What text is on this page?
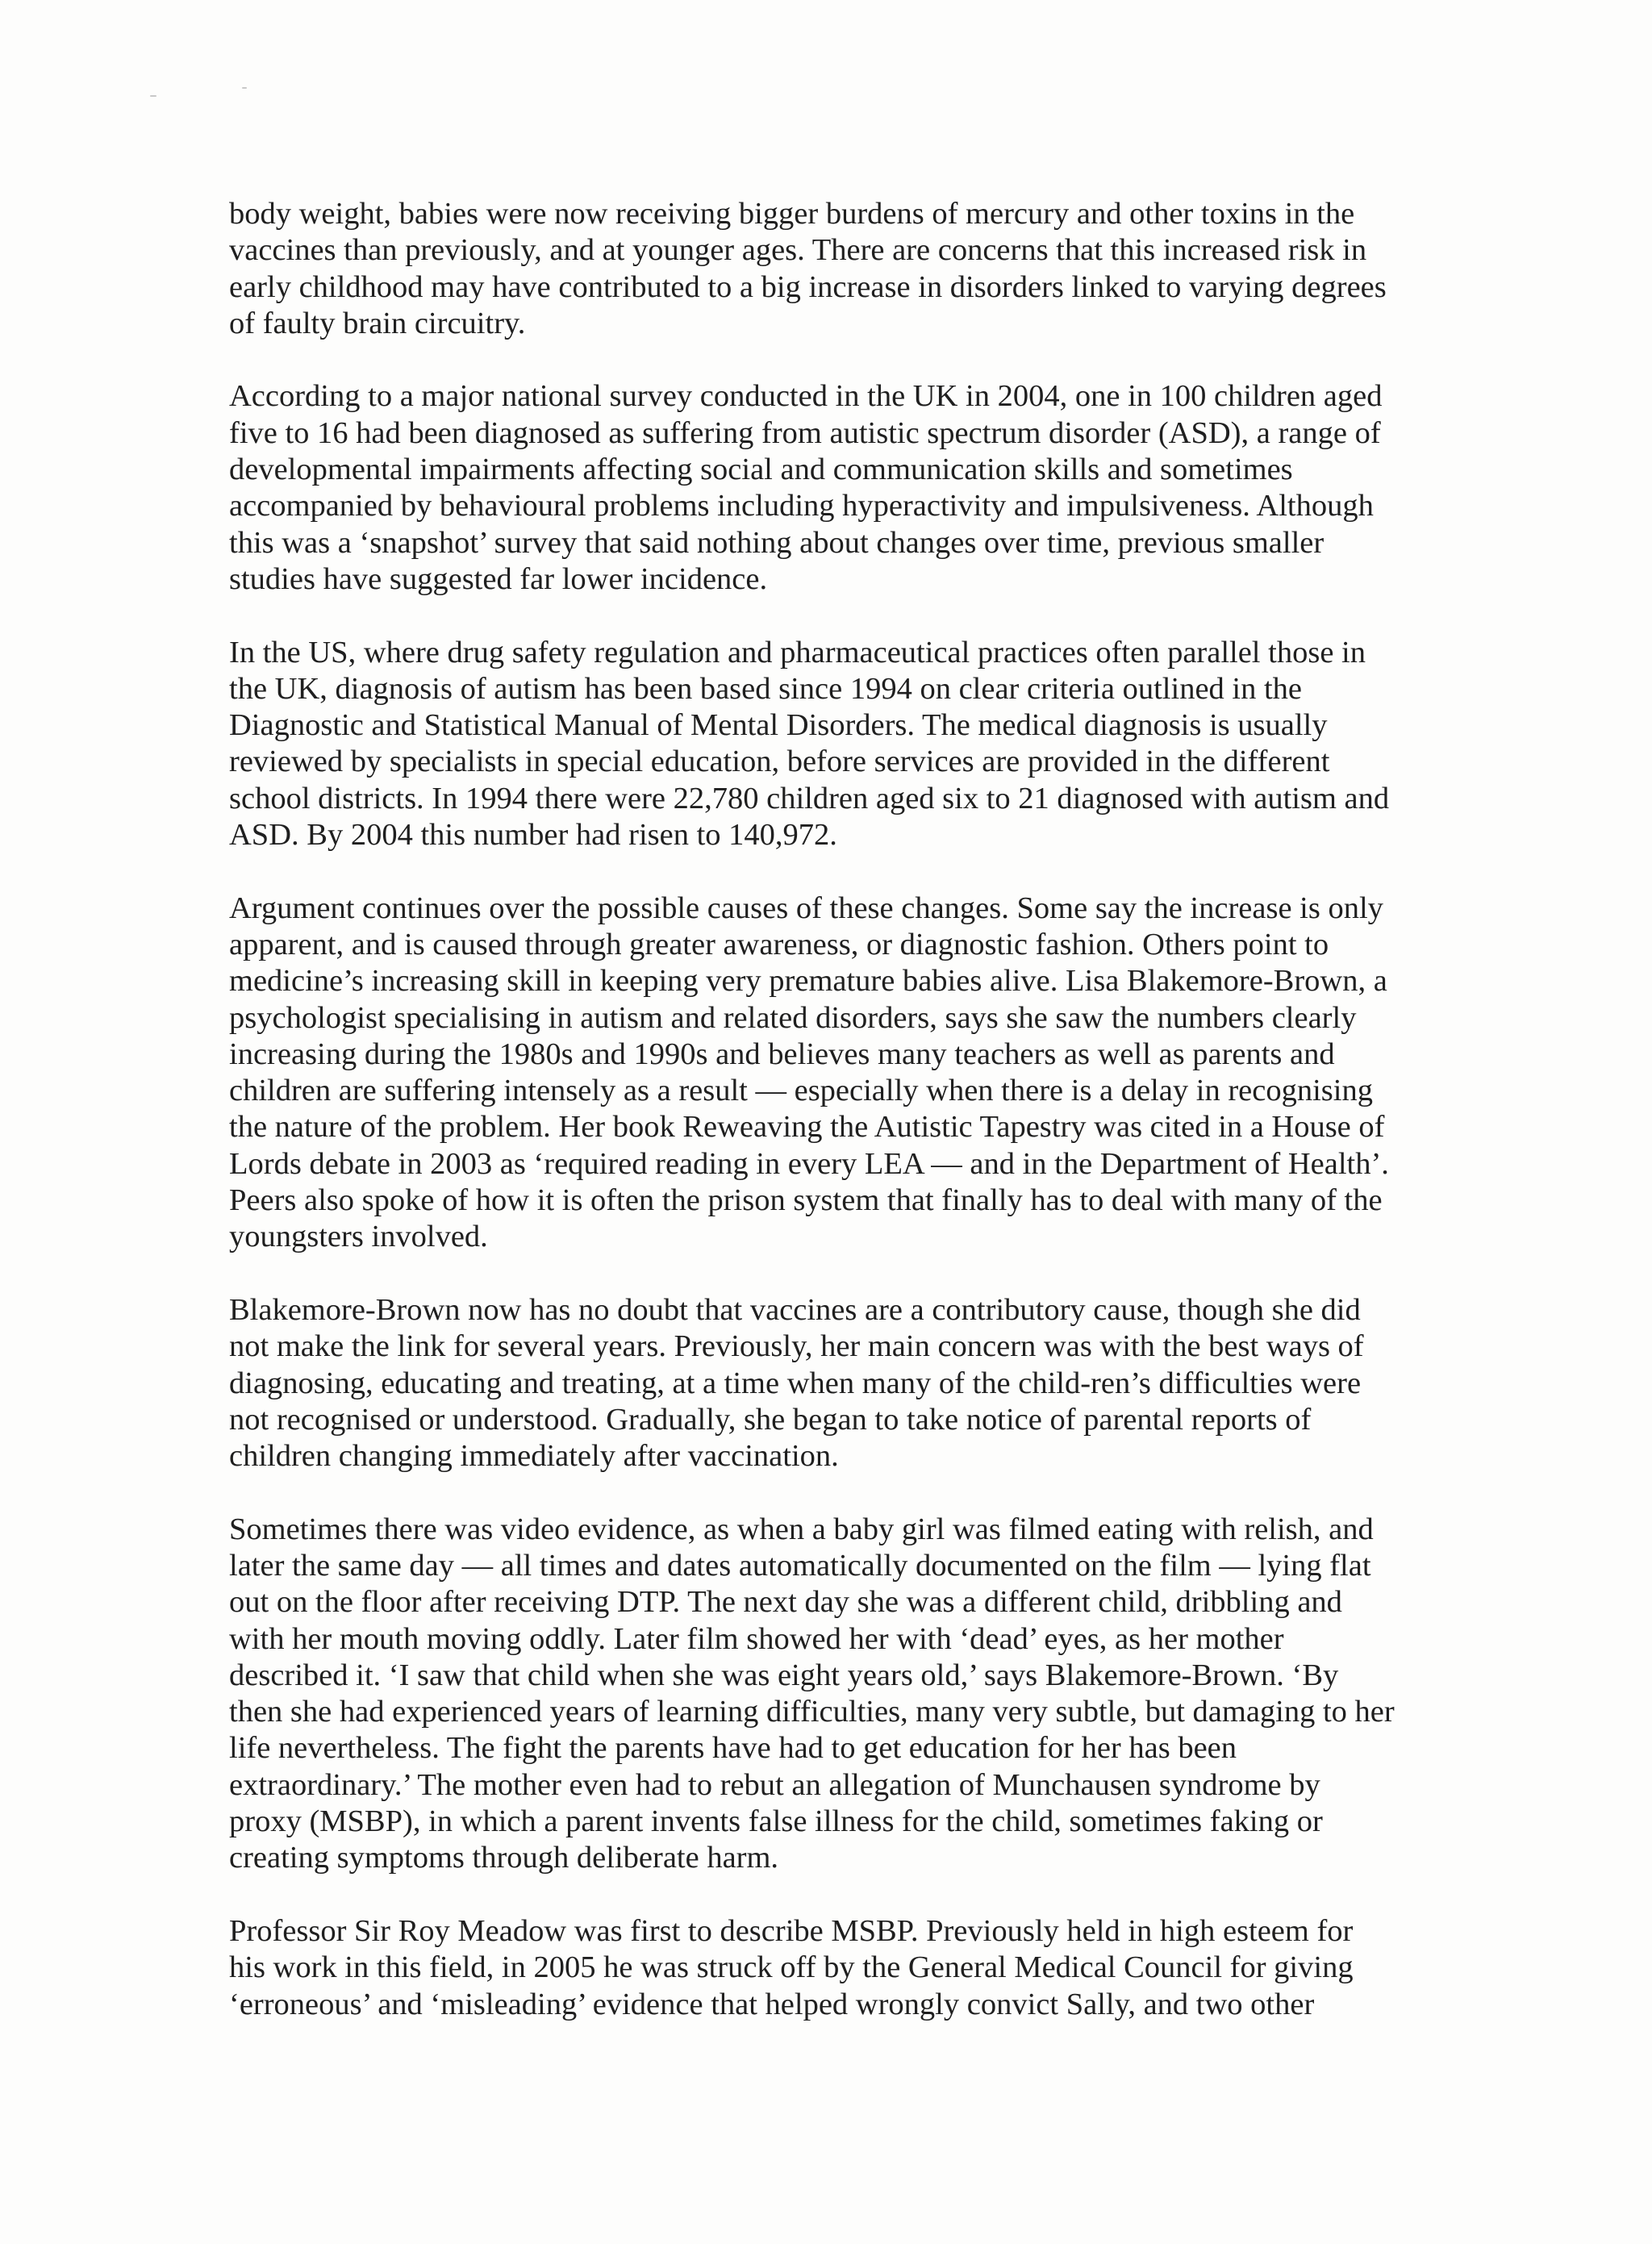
body weight, babies were now receiving bigger burdens of mercury and other toxins in the
vaccines than previously, and at younger ages. There are concerns that this increased risk in
early childhood may have contributed to a big increase in disorders linked to varying degrees
of faulty brain circuitry.

According to a major national survey conducted in the UK in 2004, one in 100 children aged
five to 16 had been diagnosed as suffering from autistic spectrum disorder (ASD), a range of
developmental impairments affecting social and communication skills and sometimes
accompanied by behavioural problems including hyperactivity and impulsiveness. Although
this was a ‘snapshot’ survey that said nothing about changes over time, previous smaller
studies have suggested far lower incidence.

In the US, where drug safety regulation and pharmaceutical practices often parallel those in
the UK, diagnosis of autism has been based since 1994 on clear criteria outlined in the
Diagnostic and Statistical Manual of Mental Disorders. The medical diagnosis is usually
reviewed by specialists in special education, before services are provided in the different
school districts. In 1994 there were 22,780 children aged six to 21 diagnosed with autism and
ASD. By 2004 this number had risen to 140,972.

Argument continues over the possible causes of these changes. Some say the increase is only
apparent, and is caused through greater awareness, or diagnostic fashion. Others point to
medicine’s increasing skill in keeping very premature babies alive. Lisa Blakemore-Brown, a
psychologist specialising in autism and related disorders, says she saw the numbers clearly
increasing during the 1980s and 1990s and believes many teachers as well as parents and
children are suffering intensely as a result — especially when there is a delay in recognising
the nature of the problem. Her book Reweaving the Autistic Tapestry was cited in a House of
Lords debate in 2003 as ‘required reading in every LEA — and in the Department of Health’.
Peers also spoke of how it is often the prison system that finally has to deal with many of the
youngsters involved.

Blakemore-Brown now has no doubt that vaccines are a contributory cause, though she did
not make the link for several years. Previously, her main concern was with the best ways of
diagnosing, educating and treating, at a time when many of the child-ren’s difficulties were
not recognised or understood. Gradually, she began to take notice of parental reports of
children changing immediately after vaccination.

Sometimes there was video evidence, as when a baby girl was filmed eating with relish, and
later the same day — all times and dates automatically documented on the film — lying flat
out on the floor after receiving DTP. The next day she was a different child, dribbling and
with her mouth moving oddly. Later film showed her with ‘dead’ eyes, as her mother
described it. ‘I saw that child when she was eight years old,’ says Blakemore-Brown. ‘By
then she had experienced years of learning difficulties, many very subtle, but damaging to her
life nevertheless. The fight the parents have had to get education for her has been
extraordinary.’ The mother even had to rebut an allegation of Munchausen syndrome by
proxy (MSBP), in which a parent invents false illness for the child, sometimes faking or
creating symptoms through deliberate harm.

Professor Sir Roy Meadow was first to describe MSBP. Previously held in high esteem for
his work in this field, in 2005 he was struck off by the General Medical Council for giving
‘erroneous’ and ‘misleading’ evidence that helped wrongly convict Sally, and two other
